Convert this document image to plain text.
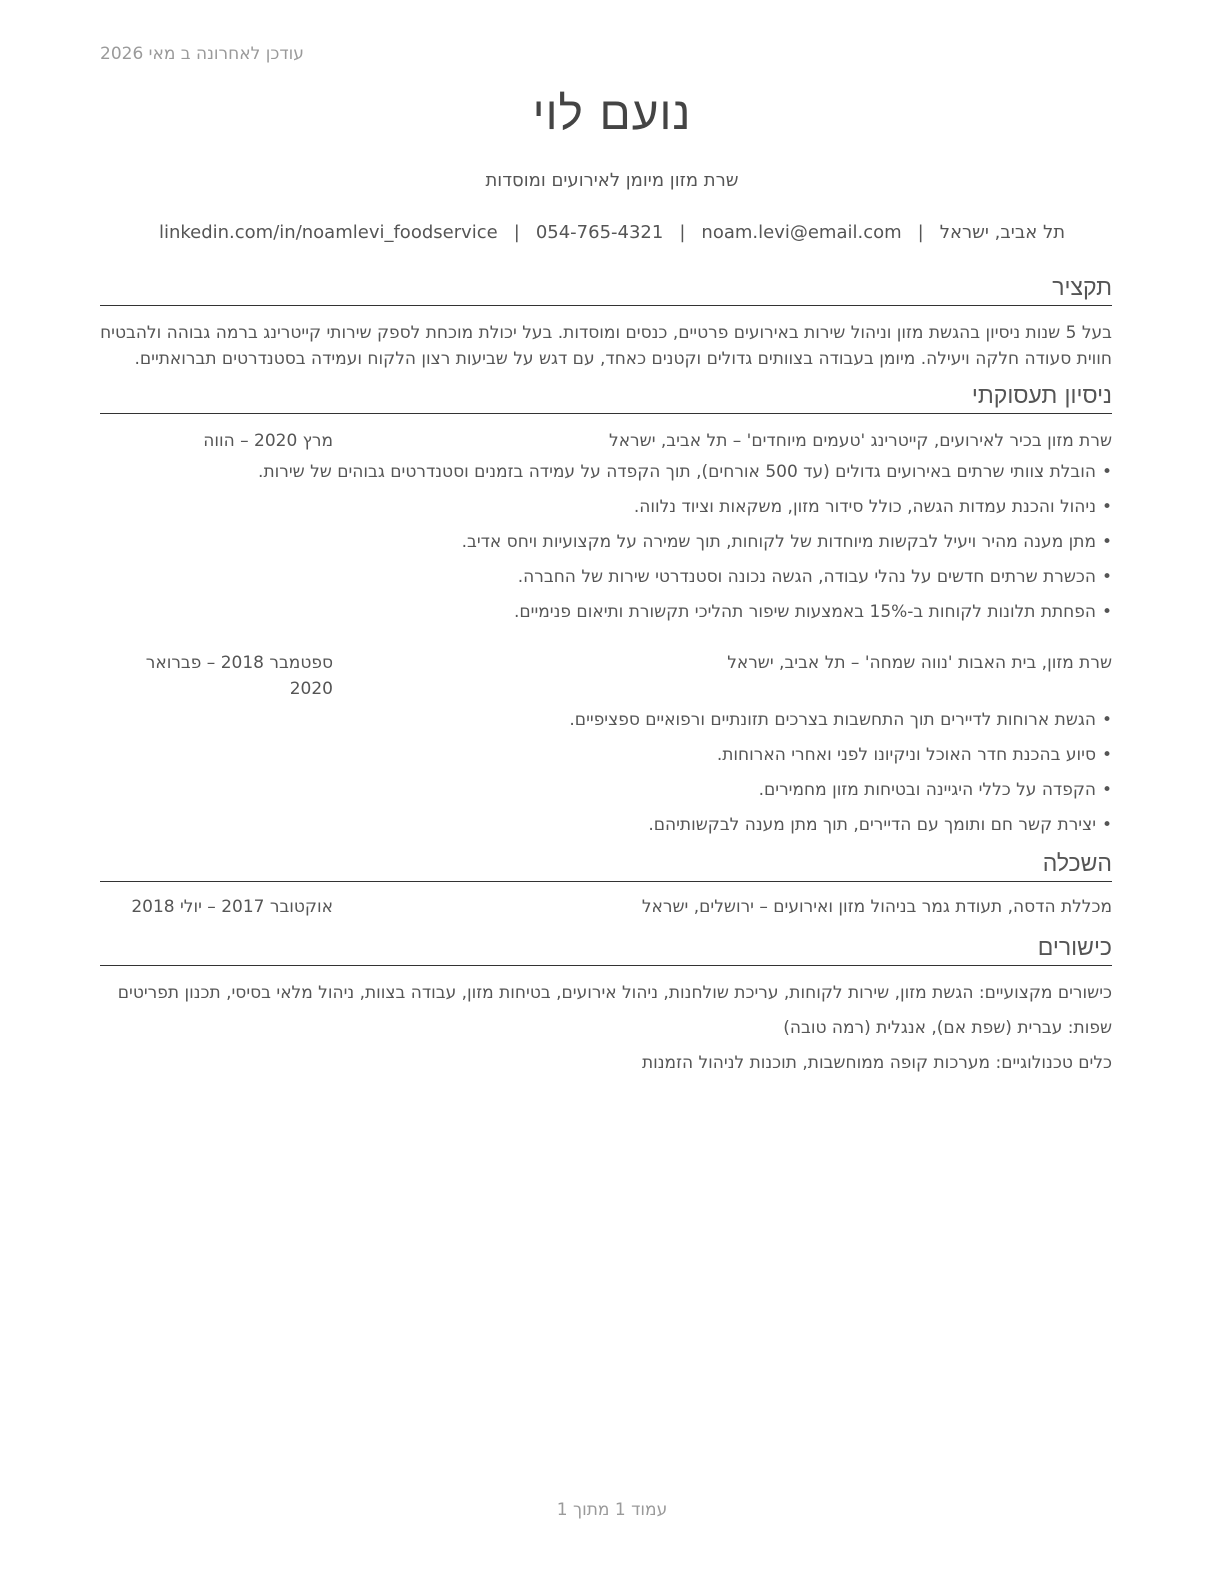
עודכן לאחרונה ב מאי 2026
נועם לוי
שרת מזון מיומן לאירועים ומוסדות
תל אביב, ישראל|noam.levi@email.com|054-765-4321|linkedin.com/in/noamlevi_foodservice
תקציר

בעל 5 שנות ניסיון בהגשת מזון וניהול שירות באירועים פרטיים, כנסים ומוסדות. בעל יכולת מוכחת לספק שירותי קייטרינג ברמה גבוהה ולהבטיח חווית סעודה חלקה ויעילה. מיומן בעבודה בצוותים גדולים וקטנים כאחד, עם דגש על שביעות רצון הלקוח ועמידה בסטנדרטים תברואתיים.

ניסיון תעסוקתי
שרת מזון בכיר לאירועים, קייטרינג 'טעמים מיוחדים' – תל אביב, ישראל
מרץ 2020 – הווה
• הובלת צוותי שרתים באירועים גדולים (עד 500 אורחים), תוך הקפדה על עמידה בזמנים וסטנדרטים גבוהים של שירות.
• ניהול והכנת עמדות הגשה, כולל סידור מזון, משקאות וציוד נלווה.
• מתן מענה מהיר ויעיל לבקשות מיוחדות של לקוחות, תוך שמירה על מקצועיות ויחס אדיב.
• הכשרת שרתים חדשים על נהלי עבודה, הגשה נכונה וסטנדרטי שירות של החברה.
• הפחתת תלונות לקוחות ב-15% באמצעות שיפור תהליכי תקשורת ותיאום פנימיים.
שרת מזון, בית האבות 'נווה שמחה' – תל אביב, ישראל
ספטמבר 2018 – פברואר 2020
• הגשת ארוחות לדיירים תוך התחשבות בצרכים תזונתיים ורפואיים ספציפיים.
• סיוע בהכנת חדר האוכל וניקיונו לפני ואחרי הארוחות.
• הקפדה על כללי היגיינה ובטיחות מזון מחמירים.
• יצירת קשר חם ותומך עם הדיירים, תוך מתן מענה לבקשותיהם.
השכלה
מכללת הדסה, תעודת גמר בניהול מזון ואירועים – ירושלים, ישראל
אוקטובר 2017 – יולי 2018
כישורים

כישורים מקצועיים: הגשת מזון, שירות לקוחות, עריכת שולחנות, ניהול אירועים, בטיחות מזון, עבודה בצוות, ניהול מלאי בסיסי, תכנון תפריטים

שפות: עברית (שפת אם), אנגלית (רמה טובה)

כלים טכנולוגיים: מערכות קופה ממוחשבות, תוכנות לניהול הזמנות

עמוד 1 מתוך 1
